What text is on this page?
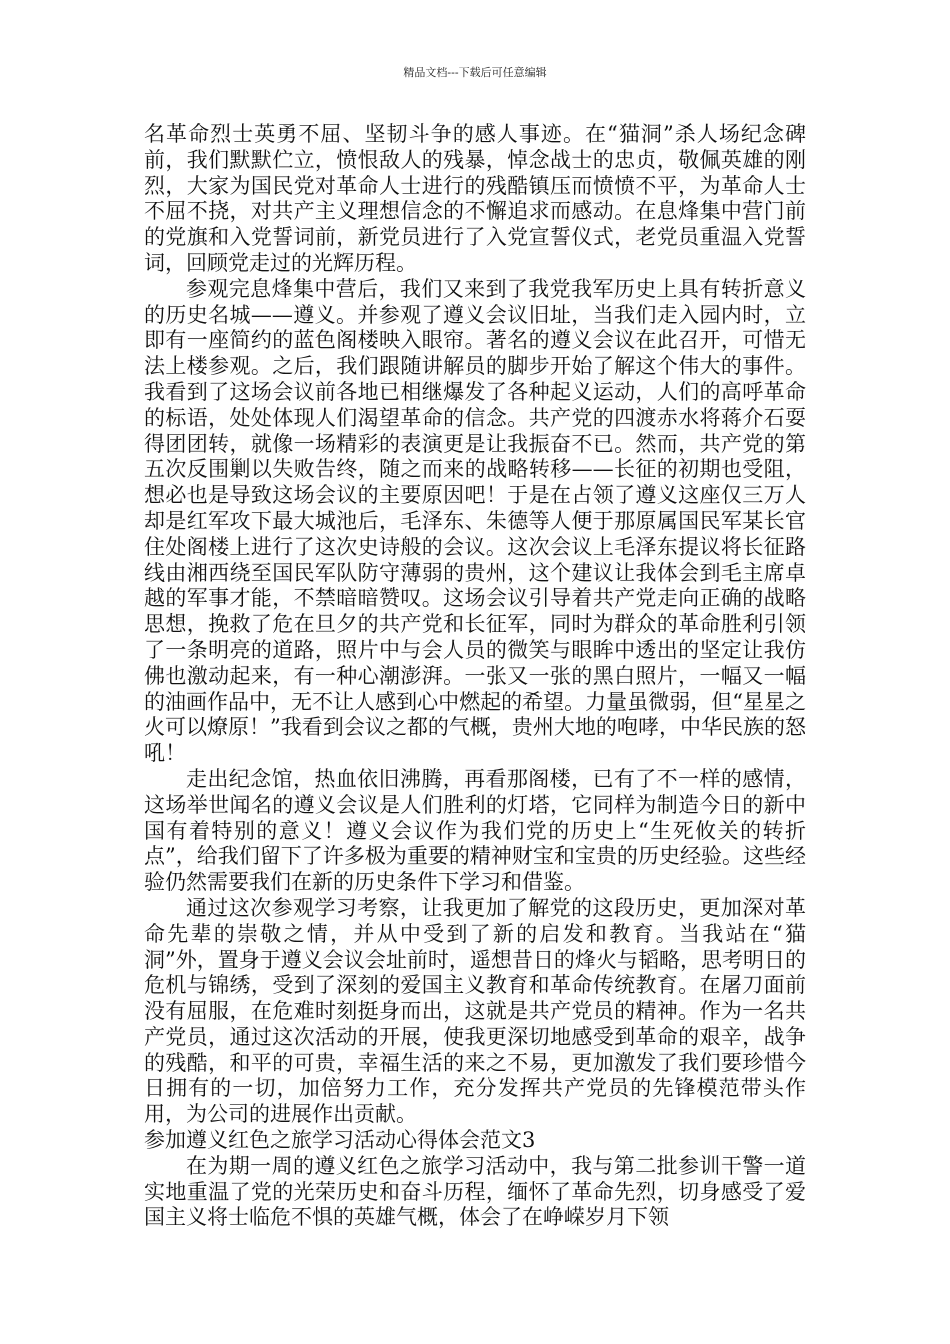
精品文档---下载后可任意编辑

名革命烈士英勇不屈、坚韧斗争的感人事迹。在“猫洞”杀人场纪念碑前，我们默默伫立，愤恨敌人的残暴，悼念战士的忠贞，敬佩英雄的刚烈，大家为国民党对革命人士进行的残酷镇压而愤愤不平，为革命人士不屈不挠，对共产主义理想信念的不懈追求而感动。在息烽集中营门前的党旗和入党誓词前，新党员进行了入党宣誓仪式，老党员重温入党誓词，回顾党走过的光辉历程。

参观完息烽集中营后，我们又来到了我党我军历史上具有转折意义的历史名城——遵义。并参观了遵义会议旧址，当我们走入园内时，立即有一座简约的蓝色阁楼映入眼帘。著名的遵义会议在此召开，可惜无法上楼参观。之后，我们跟随讲解员的脚步开始了解这个伟大的事件。我看到了这场会议前各地已相继爆发了各种起义运动，人们的高呼革命的标语，处处体现人们渴望革命的信念。共产党的四渡赤水将蒋介石耍得团团转，就像一场精彩的表演更是让我振奋不已。然而，共产党的第五次反围剿以失败告终，随之而来的战略转移——长征的初期也受阻，想必也是导致这场会议的主要原因吧！于是在占领了遵义这座仅三万人却是红军攻下最大城池后，毛泽东、朱德等人便于那原属国民军某长官住处阁楼上进行了这次史诗般的会议。这次会议上毛泽东提议将长征路线由湘西绕至国民军队防守薄弱的贵州，这个建议让我体会到毛主席卓越的军事才能，不禁暗暗赞叹。这场会议引导着共产党走向正确的战略思想，挽救了危在旦夕的共产党和长征军，同时为群众的革命胜利引领了一条明亮的道路，照片中与会人员的微笑与眼眸中透出的坚定让我仿佛也激动起来，有一种心潮澎湃。一张又一张的黑白照片，一幅又一幅的油画作品中，无不让人感到心中燃起的希望。力量虽微弱，但“星星之火可以燎原！”我看到会议之都的气概，贵州大地的咆哮，中华民族的怒吼！

走出纪念馆，热血依旧沸腾，再看那阁楼，已有了不一样的感情，这场举世闻名的遵义会议是人们胜利的灯塔，它同样为制造今日的新中国有着特别的意义！遵义会议作为我们党的历史上“生死攸关的转折点”，给我们留下了许多极为重要的精神财宝和宝贵的历史经验。这些经验仍然需要我们在新的历史条件下学习和借鉴。

通过这次参观学习考察，让我更加了解党的这段历史，更加深对革命先辈的崇敬之情，并从中受到了新的启发和教育。当我站在“猫洞”外，置身于遵义会议会址前时，遥想昔日的烽火与韬略，思考明日的危机与锦绣，受到了深刻的爱国主义教育和革命传统教育。在屠刀面前没有屈服，在危难时刻挺身而出，这就是共产党员的精神。作为一名共产党员，通过这次活动的开展，使我更深切地感受到革命的艰辛，战争的残酷，和平的可贵，幸福生活的来之不易，更加激发了我们要珍惜今日拥有的一切，加倍努力工作，充分发挥共产党员的先锋模范带头作用，为公司的进展作出贡献。

参加遵义红色之旅学习活动心得体会范文3

在为期一周的遵义红色之旅学习活动中，我与第二批参训干警一道实地重温了党的光荣历史和奋斗历程，缅怀了革命先烈，切身感受了爱国主义将士临危不惧的英雄气概，体会了在峥嵘岁月下领
